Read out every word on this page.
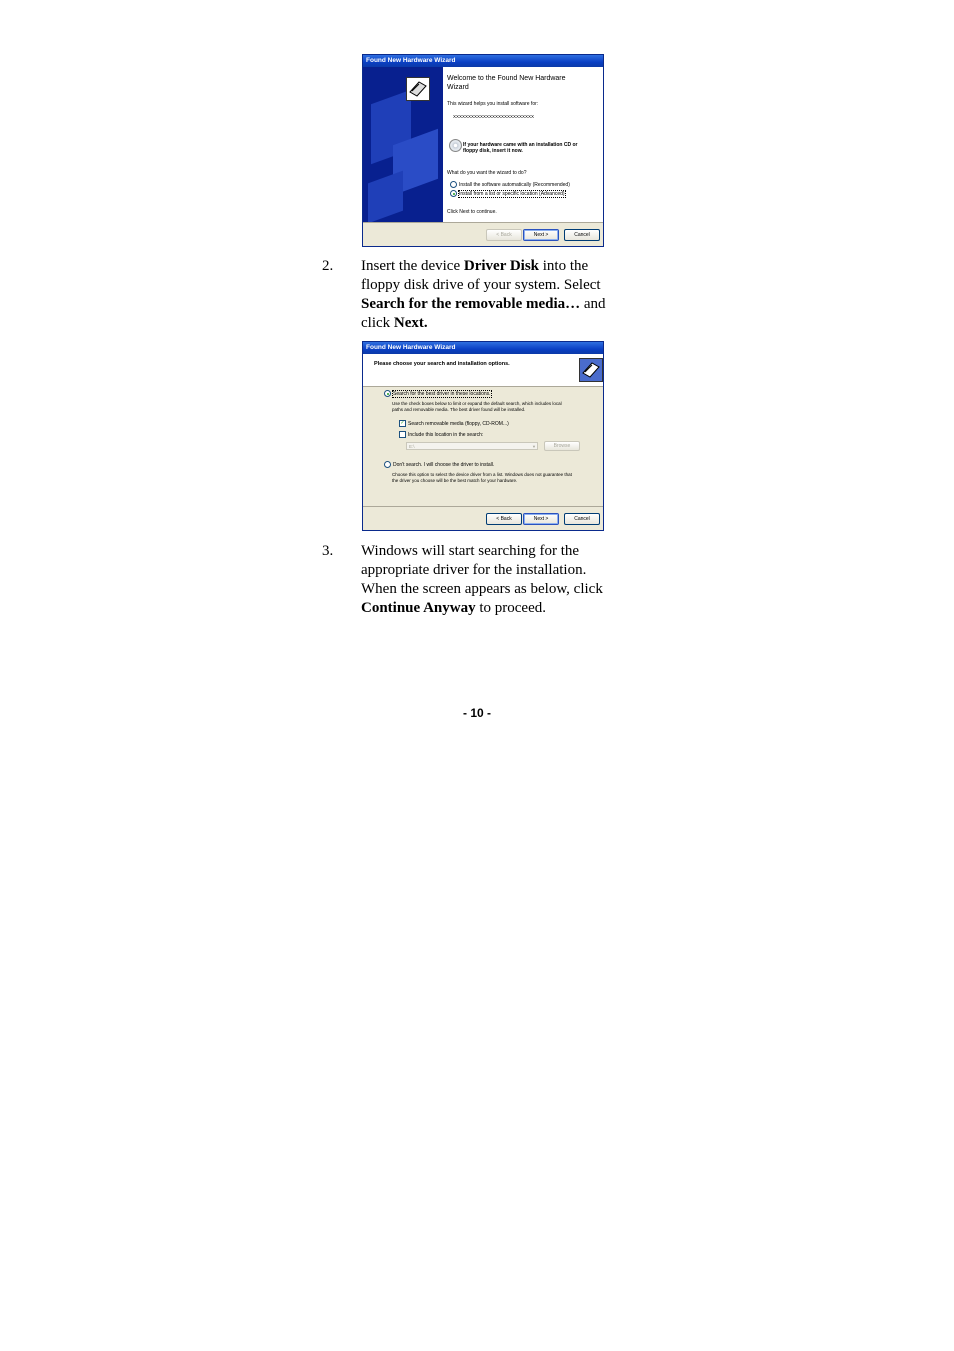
Found New Hardware Wizard
Welcome to the Found New Hardware Wizard
This wizard helps you install software for:
XXXXXXXXXXXXXXXXXXXXXXXXXXX
If your hardware came with an installation CD or floppy disk, insert it now.
What do you want the wizard to do?
Install the software automatically (Recommended)
Install from a list or specific location (Advanced)
Click Next to continue.
< Back	Next >	Cancel
2. Insert the device Driver Disk into the
floppy disk drive of your system. Select
Search for the removable media… and
click Next.
Found New Hardware Wizard
Please choose your search and installation options.
Search for the best driver in these locations.
Use the check boxes below to limit or expand the default search, which includes local
paths and removable media. The best driver found will be installed.
✓ Search removable media (floppy, CD-ROM...)
Include this location in the search:
E:\	▼	Browse
Don't search. I will choose the driver to install.
Choose this option to select the device driver from a list. Windows does not guarantee that
the driver you choose will be the best match for your hardware.
< Back	Next >	Cancel
3. Windows will start searching for the
appropriate driver for the installation.
When the screen appears as below, click
Continue Anyway to proceed.
- 10 -
